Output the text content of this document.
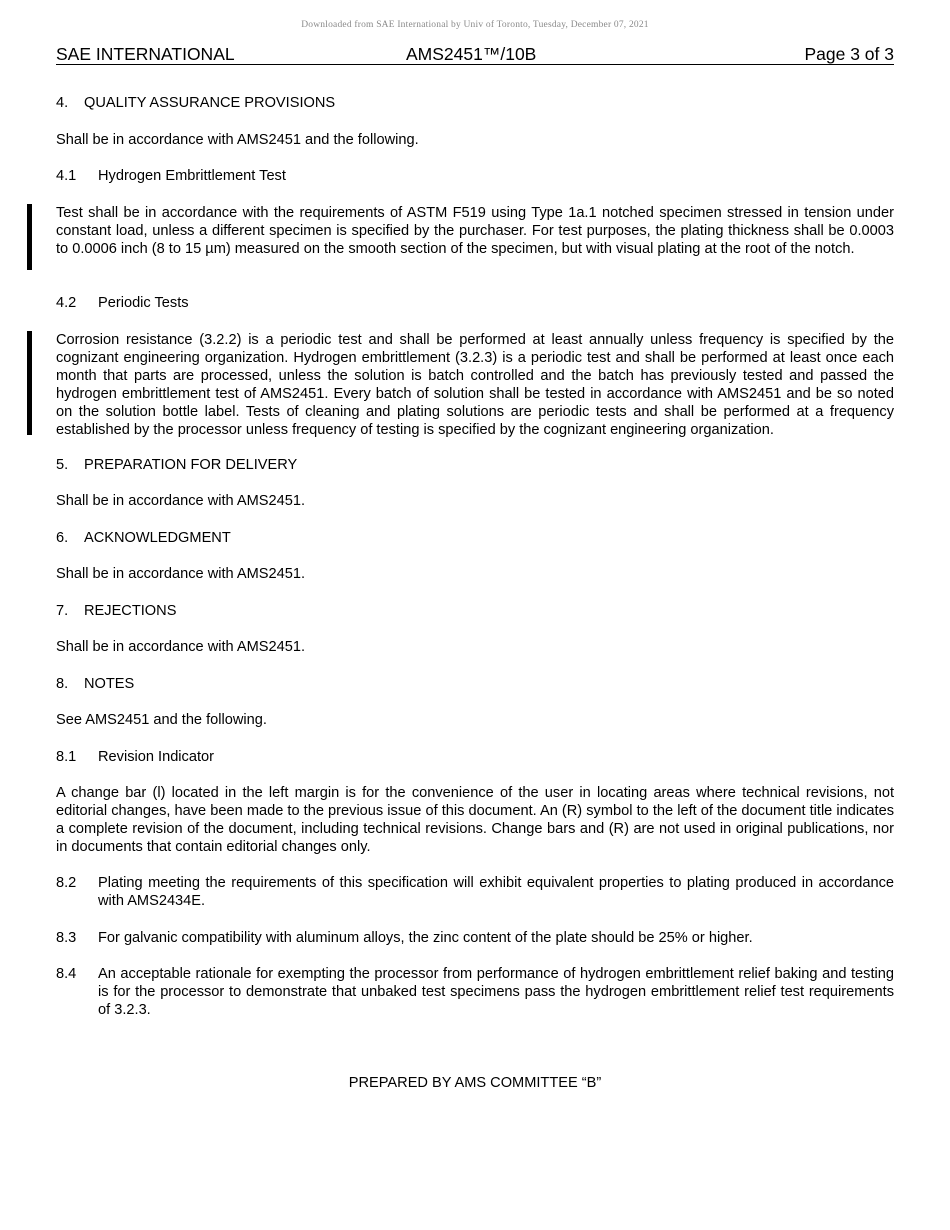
Downloaded from SAE International by Univ of Toronto, Tuesday, December 07, 2021
SAE INTERNATIONAL	AMS2451™/10B	Page 3 of 3
4. QUALITY ASSURANCE PROVISIONS
Shall be in accordance with AMS2451 and the following.
4.1 Hydrogen Embrittlement Test
Test shall be in accordance with the requirements of ASTM F519 using Type 1a.1 notched specimen stressed in tension under constant load, unless a different specimen is specified by the purchaser. For test purposes, the plating thickness shall be 0.0003 to 0.0006 inch (8 to 15 µm) measured on the smooth section of the specimen, but with visual plating at the root of the notch.
4.2 Periodic Tests
Corrosion resistance (3.2.2) is a periodic test and shall be performed at least annually unless frequency is specified by the cognizant engineering organization. Hydrogen embrittlement (3.2.3) is a periodic test and shall be performed at least once each month that parts are processed, unless the solution is batch controlled and the batch has previously tested and passed the hydrogen embrittlement test of AMS2451. Every batch of solution shall be tested in accordance with AMS2451 and be so noted on the solution bottle label. Tests of cleaning and plating solutions are periodic tests and shall be performed at a frequency established by the processor unless frequency of testing is specified by the cognizant engineering organization.
5. PREPARATION FOR DELIVERY
Shall be in accordance with AMS2451.
6. ACKNOWLEDGMENT
Shall be in accordance with AMS2451.
7. REJECTIONS
Shall be in accordance with AMS2451.
8. NOTES
See AMS2451 and the following.
8.1 Revision Indicator
A change bar (l) located in the left margin is for the convenience of the user in locating areas where technical revisions, not editorial changes, have been made to the previous issue of this document. An (R) symbol to the left of the document title indicates a complete revision of the document, including technical revisions. Change bars and (R) are not used in original publications, nor in documents that contain editorial changes only.
8.2 Plating meeting the requirements of this specification will exhibit equivalent properties to plating produced in accordance with AMS2434E.
8.3 For galvanic compatibility with aluminum alloys, the zinc content of the plate should be 25% or higher.
8.4 An acceptable rationale for exempting the processor from performance of hydrogen embrittlement relief baking and testing is for the processor to demonstrate that unbaked test specimens pass the hydrogen embrittlement relief test requirements of 3.2.3.
PREPARED BY AMS COMMITTEE “B”
